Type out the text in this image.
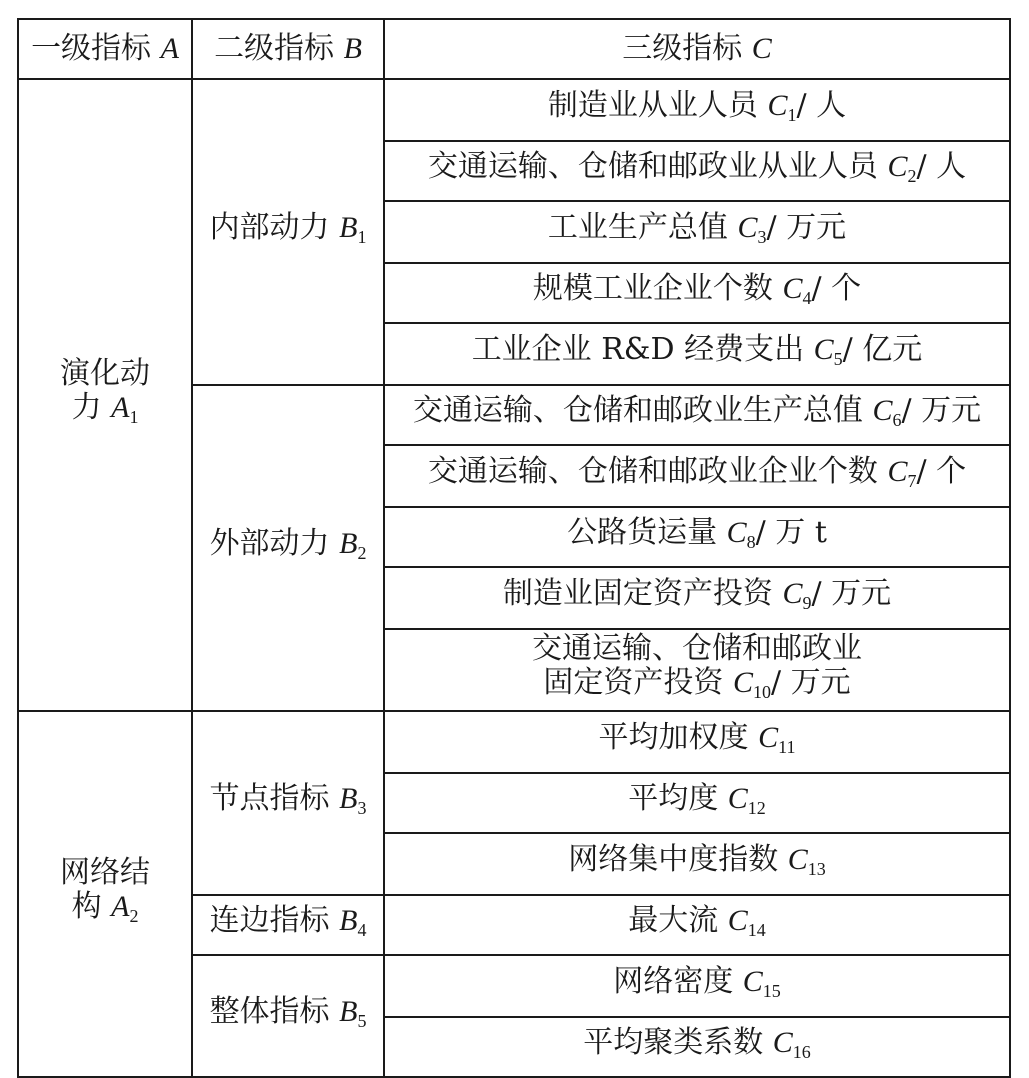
一级指标 A	二级指标 B	三级指标 C
演化动
力 $A_1$	内部动力 $B_1$	制造业从业人员 $C_1/$ 人
		交通运输、仓储和邮政业从业人员 $C_2/$ 人
		工业生产总值 $C_3/$ 万元
		规模工业企业个数 $C_4/$ 个
		工业企业 R&D 经费支出 $C_5/$ 亿元
	外部动力 $B_2$	交通运输、仓储和邮政业生产总值 $C_6/$ 万元
		交通运输、仓储和邮政业企业个数 $C_7/$ 个
		公路货运量 $C_8/$ 万 t
		制造业固定资产投资 $C_9/$ 万元
		交通运输、仓储和邮政业
固定资产投资 $C_{10}/$ 万元
网络结
构 $A_2$	节点指标 $B_3$	平均加权度 $C_{11}$
		平均度 $C_{12}$
		网络集中度指数 $C_{13}$
	连边指标 $B_4$	最大流 $C_{14}$
	整体指标 $B_5$	网络密度 $C_{15}$
		平均聚类系数 $C_{16}$
